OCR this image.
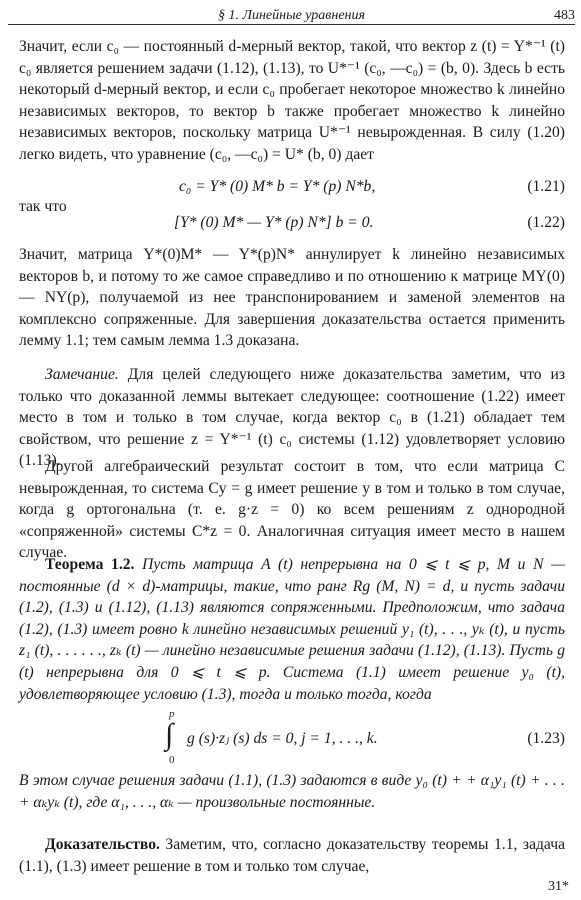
§ 1. Линейные уравнения	483
Значит, если c₀ — постоянный d-мерный вектор, такой, что вектор z (t) = Y*⁻¹ (t) c₀ является решением задачи (1.12), (1.13), то U*⁻¹ (c₀, —c₀) = (b, 0). Здесь b есть некоторый d-мерный вектор, и если c₀ пробегает некоторое множество k линейно независимых векторов, то вектор b также пробегает множество k линейно независимых векторов, поскольку матрица U*⁻¹ невырожденная. В силу (1.20) легко видеть, что уравнение (c₀, —c₀) = U* (b, 0) дает
c₀ = Y* (0) M* b = Y* (p) N*b,	(1.21)
так что
[Y* (0) M* — Y* (p) N*] b = 0.	(1.22)
Значит, матрица Y*(0)M* — Y*(p)N* аннулирует k линейно независимых векторов b, и потому то же самое справедливо и по отношению к матрице MY(0) — NY(p), получаемой из нее транспонированием и заменой элементов на комплексно сопряженные. Для завершения доказательства остается применить лемму 1.1; тем самым лемма 1.3 доказана.
Замечание. Для целей следующего ниже доказательства заметим, что из только что доказанной леммы вытекает следующее: соотношение (1.22) имеет место в том и только в том случае, когда вектор c₀ в (1.21) обладает тем свойством, что решение z = Y*⁻¹ (t) c₀ системы (1.12) удовлетворяет условию (1.13).
Другой алгебраический результат состоит в том, что если матрица C невырожденная, то система Cy = g имеет решение y в том и только в том случае, когда g ортогональна (т. е. g·z = 0) ко всем решениям z однородной «сопряженной» системы C*z = 0. Аналогичная ситуация имеет место в нашем случае.
Теорема 1.2. Пусть матрица A (t) непрерывна на 0 ⩽ t ⩽ p, M и N — постоянные (d × d)-матрицы, такие, что ранг Rg (M, N) = d, и пусть задачи (1.2), (1.3) и (1.12), (1.13) являются сопряженными. Предположим, что задача (1.2), (1.3) имеет ровно k линейно независимых решений y₁ (t), . . ., yₖ (t), и пусть z₁ (t), . . . . . ., zₖ (t) — линейно независимые решения задачи (1.12), (1.13). Пусть g (t) непрерывна для 0 ⩽ t ⩽ p. Система (1.1) имеет решение y₀ (t), удовлетворяющее условию (1.3), тогда и только тогда, когда
p
∫
0
g (s)·zⱼ (s) ds = 0, j = 1, . . ., k.	(1.23)
В этом случае решения задачи (1.1), (1.3) задаются в виде y₀ (t) + + α₁y₁ (t) + . . . + αₖyₖ (t), где α₁, . . ., αₖ — произвольные постоянные.
Доказательство. Заметим, что, согласно доказательству теоремы 1.1, задача (1.1), (1.3) имеет решение в том и только том случае,
31*
